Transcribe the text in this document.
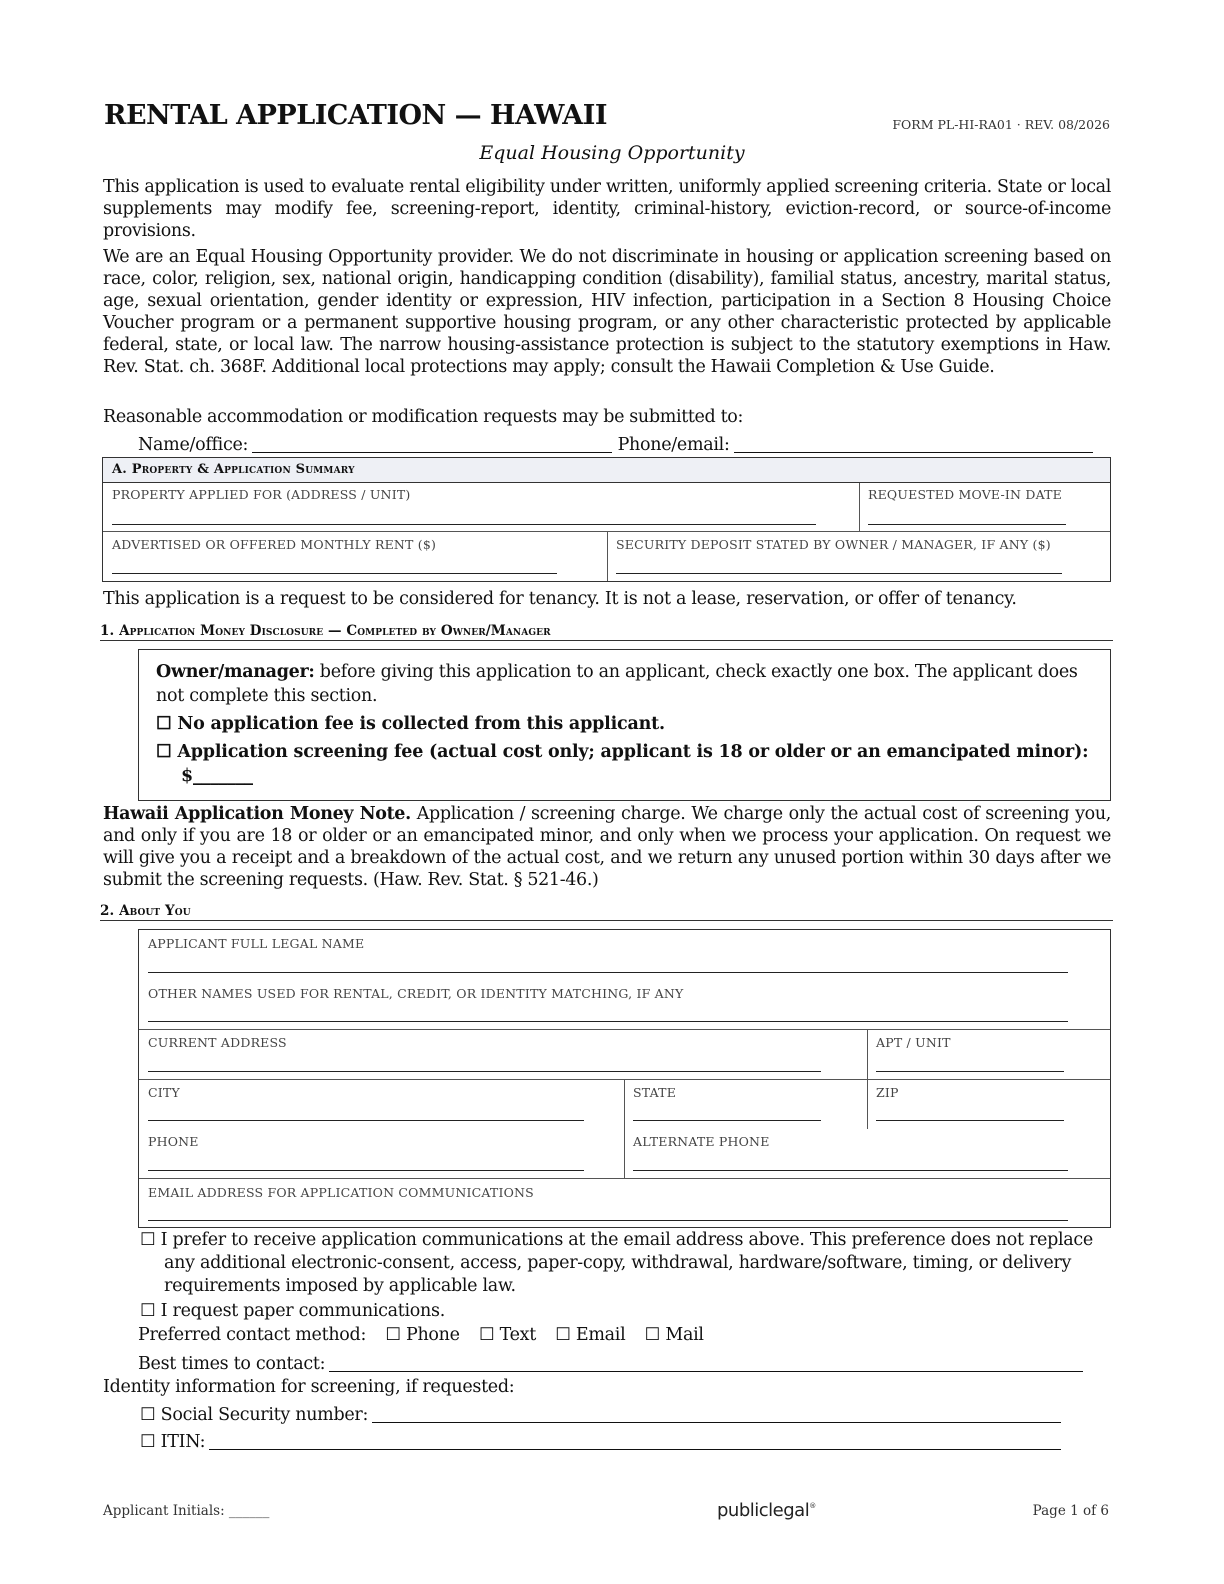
RENTAL APPLICATION — HAWAII	FORM PL-HI-RA01 · REV. 08/2026
Equal Housing Opportunity
This application is used to evaluate rental eligibility under written, uniformly applied screening criteria. State or local supplements may modify fee, screening-report, identity, criminal-history, eviction-record, or source-of-income provisions.
We are an Equal Housing Opportunity provider. We do not discriminate in housing or application screening based on race, color, religion, sex, national origin, handicapping condition (disability), familial status, ancestry, marital status, age, sexual orientation, gender identity or expression, HIV infection, participation in a Section 8 Housing Choice Voucher program or a permanent supportive housing program, or any other characteristic protected by applicable federal, state, or local law. The narrow housing-assistance protection is subject to the statutory exemptions in Haw. Rev. Stat. ch. 368F. Additional local protections may apply; consult the Hawaii Completion & Use Guide.
Reasonable accommodation or modification requests may be submitted to:
Name/office:	Phone/email:
A. Property & Application Summary
PROPERTY APPLIED FOR (ADDRESS / UNIT)	REQUESTED MOVE-IN DATE
ADVERTISED OR OFFERED MONTHLY RENT ($)	SECURITY DEPOSIT STATED BY OWNER / MANAGER, IF ANY ($)
This application is a request to be considered for tenancy. It is not a lease, reservation, or offer of tenancy.
1. Application Money Disclosure — Completed by Owner/Manager
Owner/manager: before giving this application to an applicant, check exactly one box. The applicant does not complete this section.
☐ No application fee is collected from this applicant.
☐ Application screening fee (actual cost only; applicant is 18 or older or an emancipated minor): $_______
Hawaii Application Money Note. Application / screening charge. We charge only the actual cost of screening you, and only if you are 18 or older or an emancipated minor, and only when we process your application. On request we will give you a receipt and a breakdown of the actual cost, and we return any unused portion within 30 days after we submit the screening requests. (Haw. Rev. Stat. § 521-46.)
2. About You
APPLICANT FULL LEGAL NAME
OTHER NAMES USED FOR RENTAL, CREDIT, OR IDENTITY MATCHING, IF ANY
CURRENT ADDRESS	APT / UNIT
CITY	STATE	ZIP
PHONE	ALTERNATE PHONE
EMAIL ADDRESS FOR APPLICATION COMMUNICATIONS
☐ I prefer to receive application communications at the email address above. This preference does not replace any additional electronic-consent, access, paper-copy, withdrawal, hardware/software, timing, or delivery requirements imposed by applicable law.
☐ I request paper communications.
Preferred contact method: ☐ Phone ☐ Text ☐ Email ☐ Mail
Best times to contact:
Identity information for screening, if requested:
☐ Social Security number:
☐ ITIN:
Applicant Initials: ______	publiclegal®	Page 1 of 6
